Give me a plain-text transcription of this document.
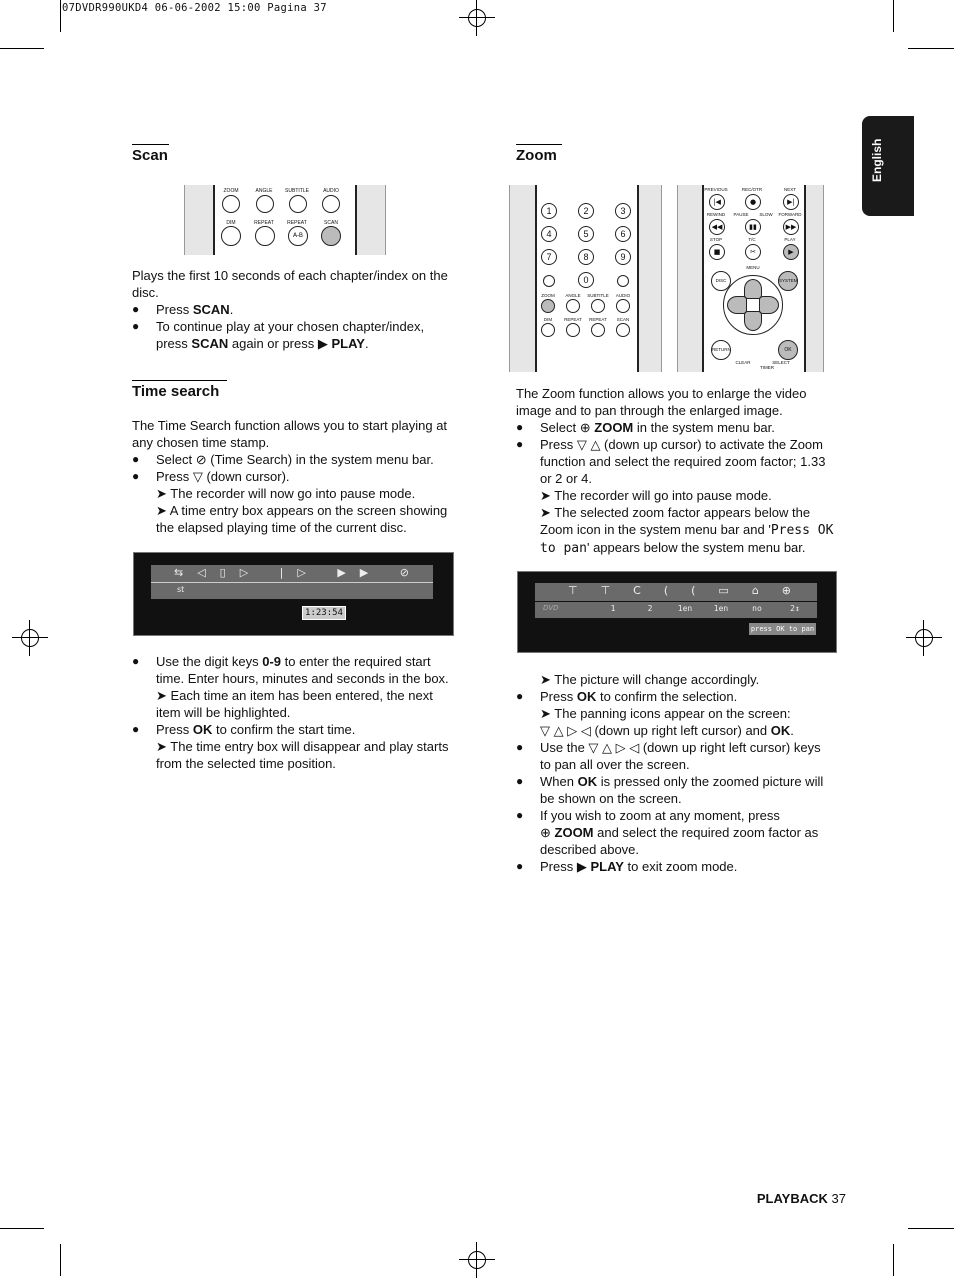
07DVDR990UKD4 06-06-2002 15:00 Pagina 37
English
Scan
ZOOM	ANGLE	SUBTITLE	AUDIO
DIM	REPEAT	REPEAT	SCAN
A-B
Plays the first 10 seconds of each chapter/index on the
disc.
● Press SCAN.
● To continue play at your chosen chapter/index,
press SCAN again or press ▶ PLAY.
Time search
The Time Search function allows you to start playing at
any chosen time stamp.
● Select ⊘ (Time Search) in the system menu bar.
● Press ▽ (down cursor).
➤ The recorder will now go into pause mode.
➤ A time entry box appears on the screen showing
the elapsed playing time of the current disc.
⇆◁▯▷ |▷ ▶▶ ⊘
st
1:23:54
● Use the digit keys 0-9 to enter the required start
time. Enter hours, minutes and seconds in the box.
➤ Each time an item has been entered, the next
item will be highlighted.
● Press OK to confirm the start time.
➤ The time entry box will disappear and play starts
from the selected time position.
Zoom
1	2	3
4	5	6
7	8	9
0
ZOOM	ANGLE	SUBTITLE	AUDIO
DIM	REPEAT	REPEAT	SCAN
PREVIOUS
|◀
REC/OTR
●
NEXT
▶|
REWIND	PAUSE	SLOW	FORWARD
◀◀	▮▮	▶▶
STOP
■
T/C
✂
PLAY
▶
MENU
DISC	SYSTEM
RETURN	OK
CLEAR
TIMER
SELECT
The Zoom function allows you to enlarge the video
image and to pan through the enlarged image.
● Select ⊕ ZOOM in the system menu bar.
● Press ▽ △ (down up cursor) to activate the Zoom
function and select the required zoom factor; 1.33
or 2 or 4.
➤ The recorder will go into pause mode.
➤ The selected zoom factor appears below the
Zoom icon in the system menu bar and 'Press OK
to pan' appears below the system menu bar.
⊤⊤C((▭⌂⊕
DVD	1	2	1en	1en	no	2↕
press OK to pan
➤ The picture will change accordingly.
● Press OK to confirm the selection.
➤ The panning icons appear on the screen:
▽ △ ▷ ◁ (down up right left cursor) and OK.
● Use the ▽ △ ▷ ◁ (down up right left cursor) keys
to pan all over the screen.
● When OK is pressed only the zoomed picture will
be shown on the screen.
● If you wish to zoom at any moment, press
⊕ ZOOM and select the required zoom factor as
described above.
● Press ▶ PLAY to exit zoom mode.
PLAYBACK 37
